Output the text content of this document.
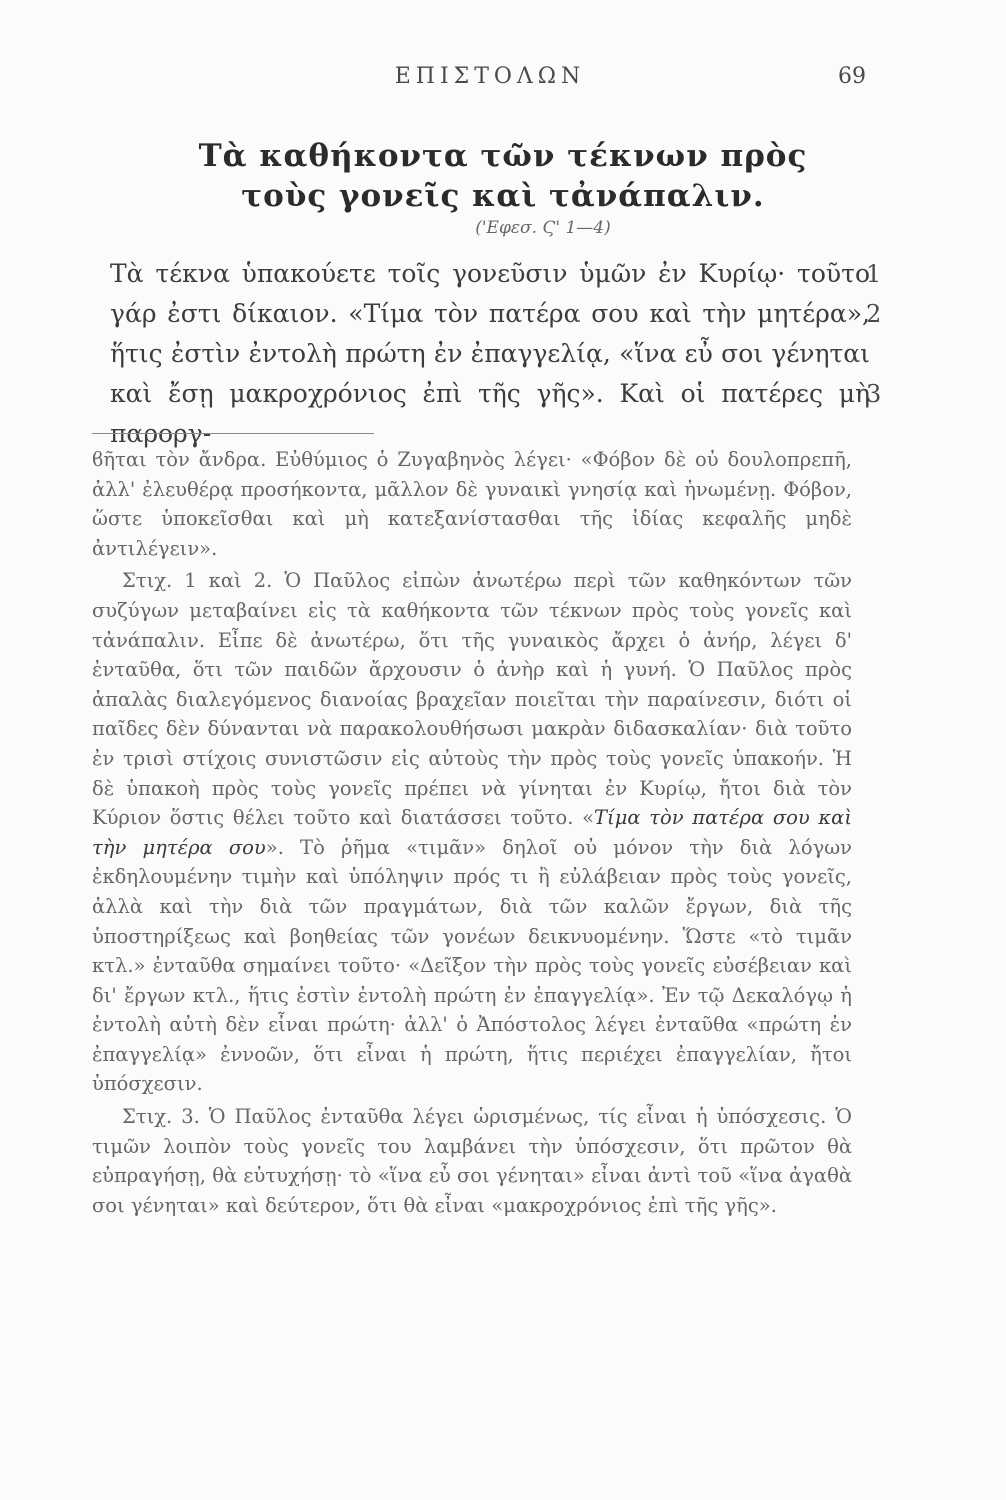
ΕΠΙΣΤΟΛΩΝ	69
Τὰ καθήκοντα τῶν τέκνων πρὸς
τοὺς γονεῖς καὶ τἀνάπαλιν.
('Εφεσ. Ϛ' 1—4)

Τὰ τέκνα ὑπακούετε τοῖς γονεῦσιν ὑμῶν ἐν Κυρίῳ· τοῦτο γάρ ἐστι δίκαιον. «Τίμα τὸν πατέρα σου καὶ τὴν μητέρα», ἥτις ἐστὶν ἐντολὴ πρώτη ἐν ἐπαγγελίᾳ, «ἵνα εὖ σοι γένηται καὶ ἔσῃ μακροχρόνιος ἐπὶ τῆς γῆς». Καὶ οἱ πατέρες μὴ παροργ-

1
2
3

ϐῆται τὸν ἄνδρα. Εὐθύμιος ὁ Ζυγαβηνὸς λέγει· «Φόβον δὲ οὐ δουλοπρεπῆ, ἀλλ' ἐλευθέρᾳ προσήκοντα, μᾶλλον δὲ γυναικὶ γνησίᾳ καὶ ἡνωμένῃ. Φόβον, ὥστε ὑποκεῖσθαι καὶ μὴ κατεξανίστασθαι τῆς ἰδίας κεφαλῆς μηδὲ ἀντιλέγειν».

Στιχ. 1 καὶ 2. Ὁ Παῦλος εἰπὼν ἀνωτέρω περὶ τῶν καθηκόντων τῶν συζύγων μεταβαίνει εἰς τὰ καθήκοντα τῶν τέκνων πρὸς τοὺς γονεῖς καὶ τἀνάπαλιν. Εἶπε δὲ ἀνωτέρω, ὅτι τῆς γυναικὸς ἄρχει ὁ ἀνήρ, λέγει δ' ἐνταῦθα, ὅτι τῶν παιδῶν ἄρχουσιν ὁ ἀνὴρ καὶ ἡ γυνή. Ὁ Παῦλος πρὸς ἁπαλὰς διαλεγόμενος διανοίας βραχεῖαν ποιεῖται τὴν παραίνεσιν, διότι οἱ παῖδες δὲν δύνανται νὰ παρακολουθήσωσι μακρὰν διδασκαλίαν· διὰ τοῦτο ἐν τρισὶ στίχοις συνιστῶσιν εἰς αὐτοὺς τὴν πρὸς τοὺς γονεῖς ὑπακοήν. Ἡ δὲ ὑπακοὴ πρὸς τοὺς γονεῖς πρέπει νὰ γίνηται ἐν Κυρίῳ, ἤτοι διὰ τὸν Κύριον ὅστις θέλει τοῦτο καὶ διατάσσει τοῦτο. «Τίμα τὸν πατέρα σου καὶ τὴν μητέρα σου». Τὸ ῥῆμα «τιμᾶν» δηλοῖ οὐ μόνον τὴν διὰ λόγων ἐκδηλουμένην τιμὴν καὶ ὑπόληψιν πρός τι ἢ εὐλάβειαν πρὸς τοὺς γονεῖς, ἀλλὰ καὶ τὴν διὰ τῶν πραγμάτων, διὰ τῶν καλῶν ἔργων, διὰ τῆς ὑποστηρίξεως καὶ βοηθείας τῶν γονέων δεικνυομένην. Ὥστε «τὸ τιμᾶν κτλ.» ἐνταῦθα σημαίνει τοῦτο· «Δεῖξον τὴν πρὸς τοὺς γονεῖς εὐσέβειαν καὶ δι' ἔργων κτλ., ἥτις ἐστὶν ἐντολὴ πρώτη ἐν ἐπαγγελίᾳ». Ἐν τῷ Δεκαλόγῳ ἡ ἐντολὴ αὐτὴ δὲν εἶναι πρώτη· ἀλλ' ὁ Ἀπόστολος λέγει ἐνταῦθα «πρώτη ἐν ἐπαγγελίᾳ» ἐννοῶν, ὅτι εἶναι ἡ πρώτη, ἥτις περιέχει ἐπαγγελίαν, ἤτοι ὑπόσχεσιν.

Στιχ. 3. Ὁ Παῦλος ἐνταῦθα λέγει ὡρισμένως, τίς εἶναι ἡ ὑπόσχεσις. Ὁ τιμῶν λοιπὸν τοὺς γονεῖς του λαμβάνει τὴν ὑπόσχεσιν, ὅτι πρῶτον θὰ εὐπραγήσῃ, θὰ εὐτυχήσῃ· τὸ «ἵνα εὖ σοι γένηται» εἶναι ἀντὶ τοῦ «ἵνα ἀγαθὰ σοι γένηται» καὶ δεύτερον, ὅτι θὰ εἶναι «μακροχρόνιος ἐπὶ τῆς γῆς».
